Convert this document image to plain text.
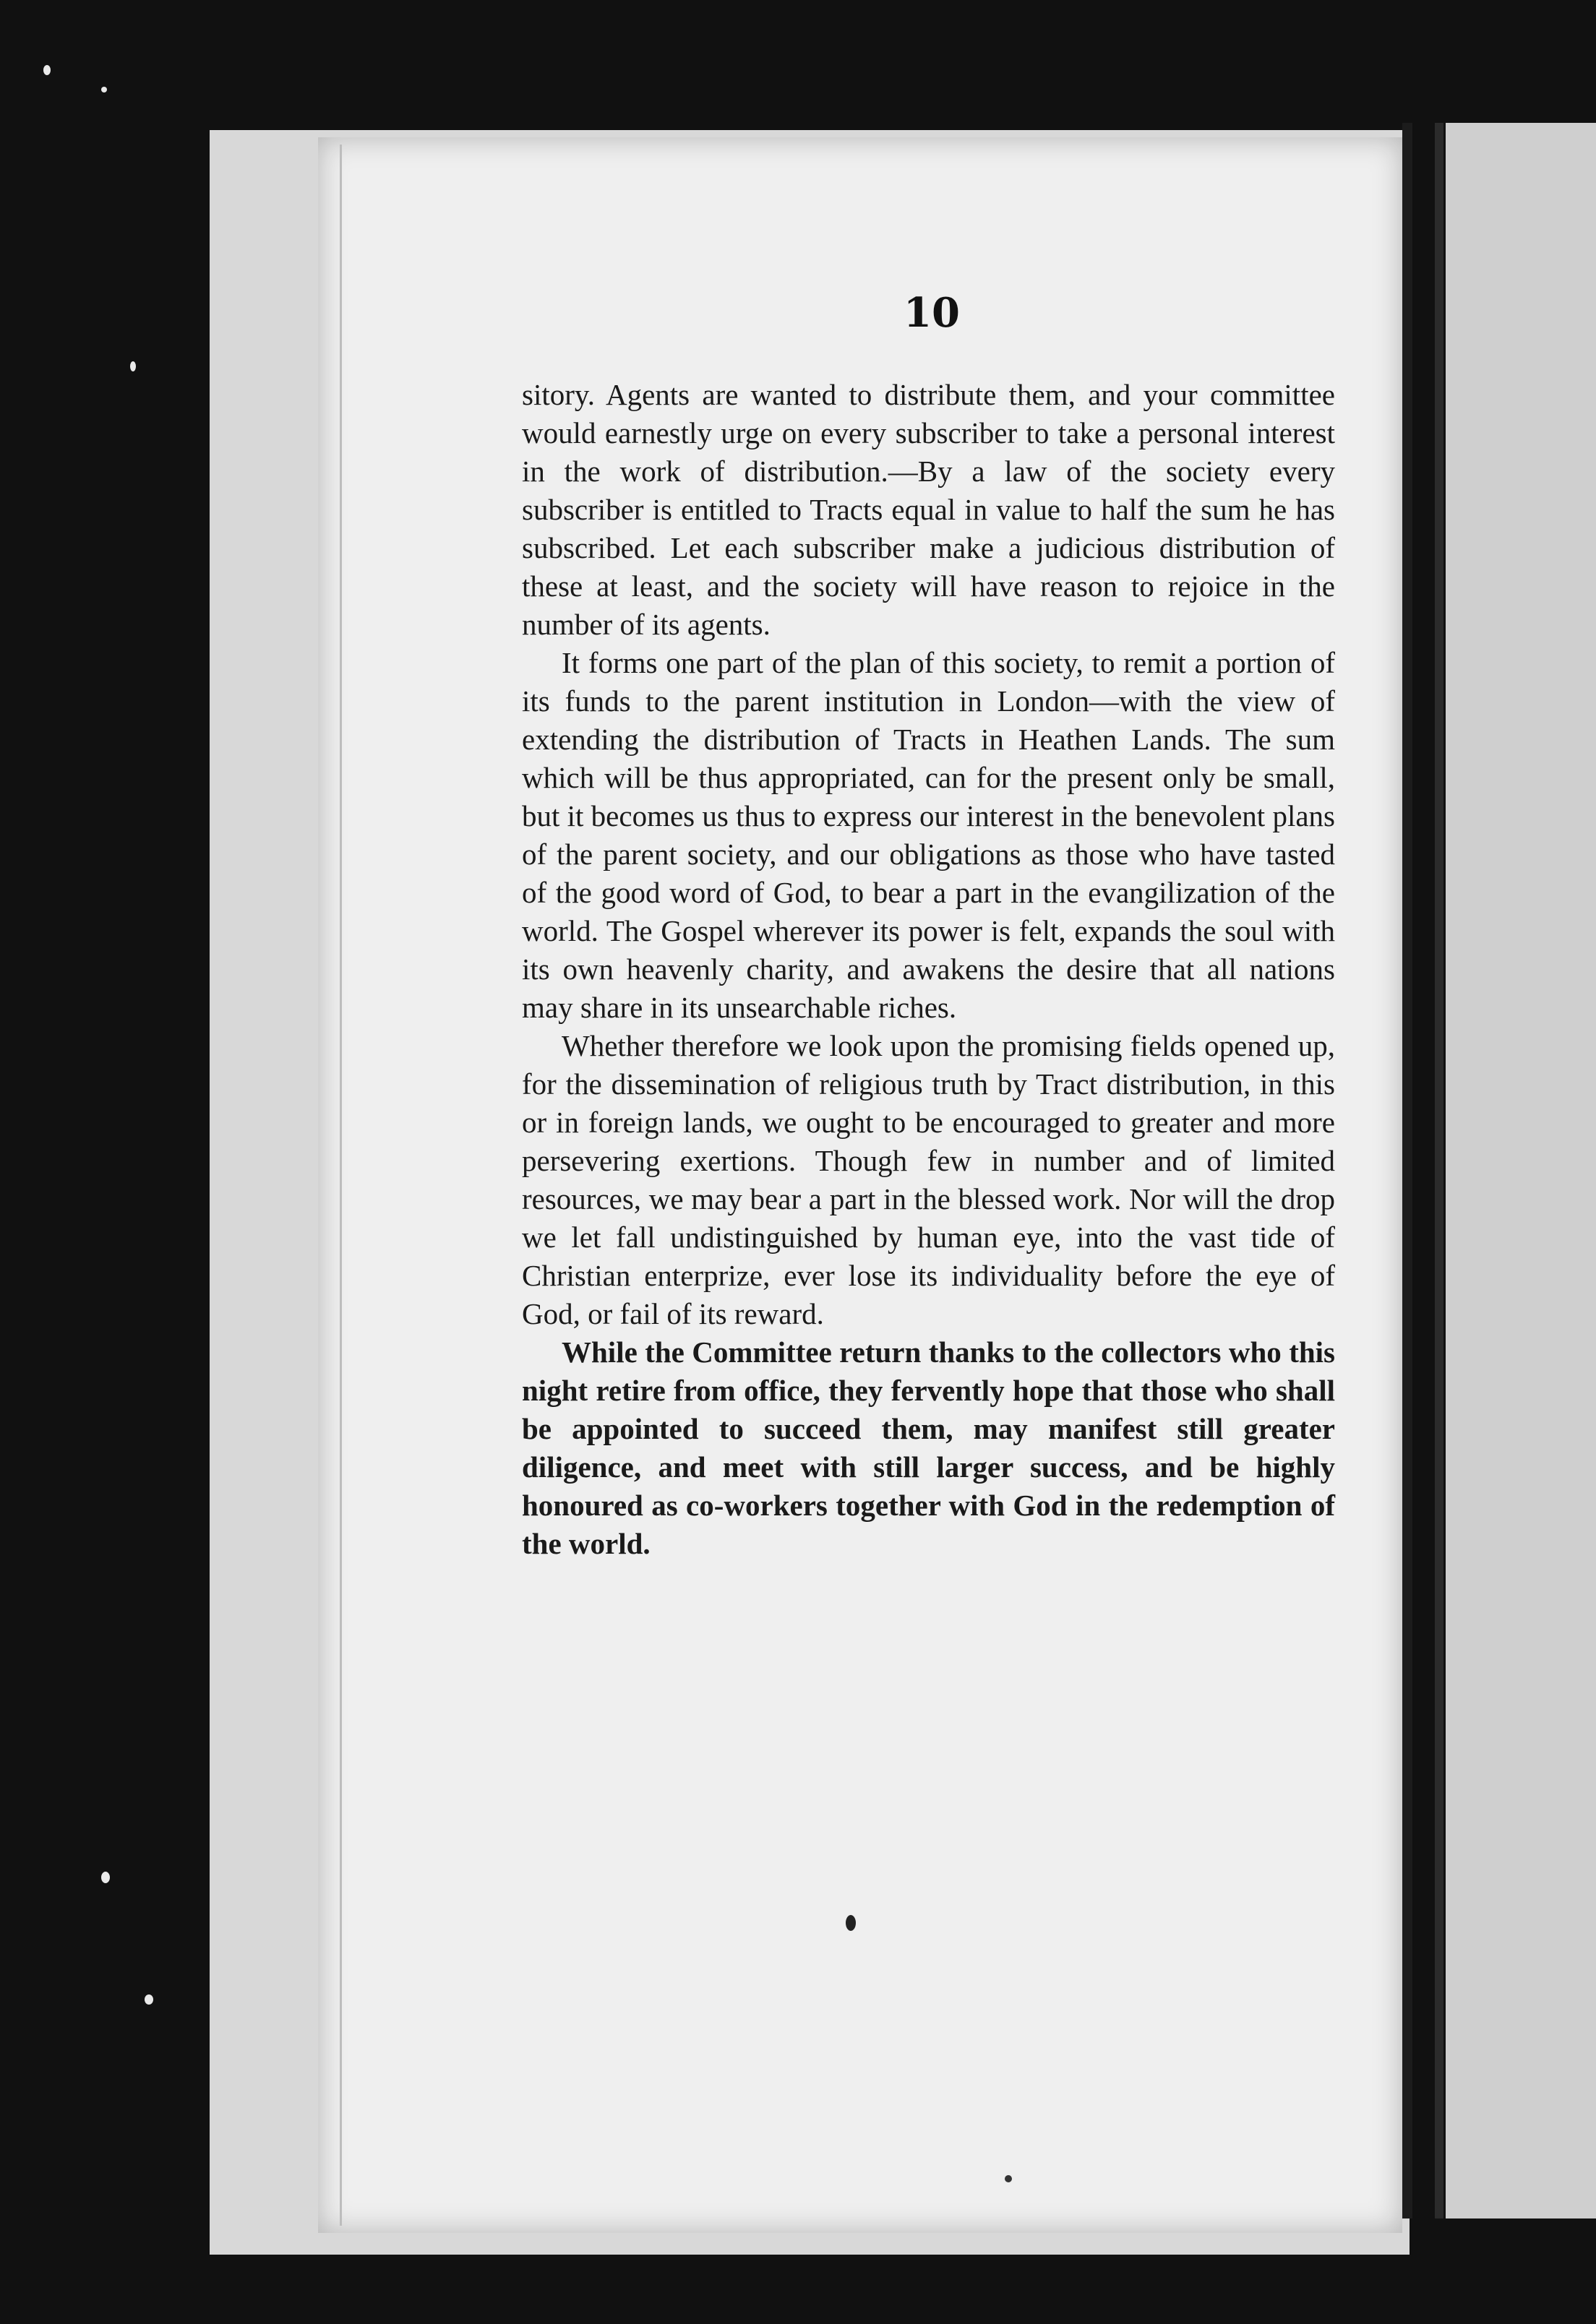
10

sitory. Agents are wanted to distribute them, and your committee would earnestly urge on every subscriber to take a personal interest in the work of distribution.—By a law of the society every subscriber is entitled to Tracts equal in value to half the sum he has subscribed. Let each subscriber make a judicious distribution of these at least, and the society will have reason to rejoice in the number of its agents.

It forms one part of the plan of this society, to remit a portion of its funds to the parent institution in London—with the view of extending the distribution of Tracts in Heathen Lands. The sum which will be thus appropriated, can for the present only be small, but it becomes us thus to express our interest in the benevolent plans of the parent society, and our obligations as those who have tasted of the good word of God, to bear a part in the evangilization of the world. The Gospel wherever its power is felt, expands the soul with its own heavenly charity, and awakens the desire that all nations may share in its unsearchable riches.

Whether therefore we look upon the promising fields opened up, for the dissemination of religious truth by Tract distribution, in this or in foreign lands, we ought to be encouraged to greater and more persevering exertions. Though few in number and of limited resources, we may bear a part in the blessed work. Nor will the drop we let fall undistinguished by human eye, into the vast tide of Christian enterprize, ever lose its individuality before the eye of God, or fail of its reward.

While the Committee return thanks to the collectors who this night retire from office, they fervently hope that those who shall be appointed to succeed them, may manifest still greater diligence, and meet with still larger success, and be highly honoured as co-workers together with God in the redemption of the world.
